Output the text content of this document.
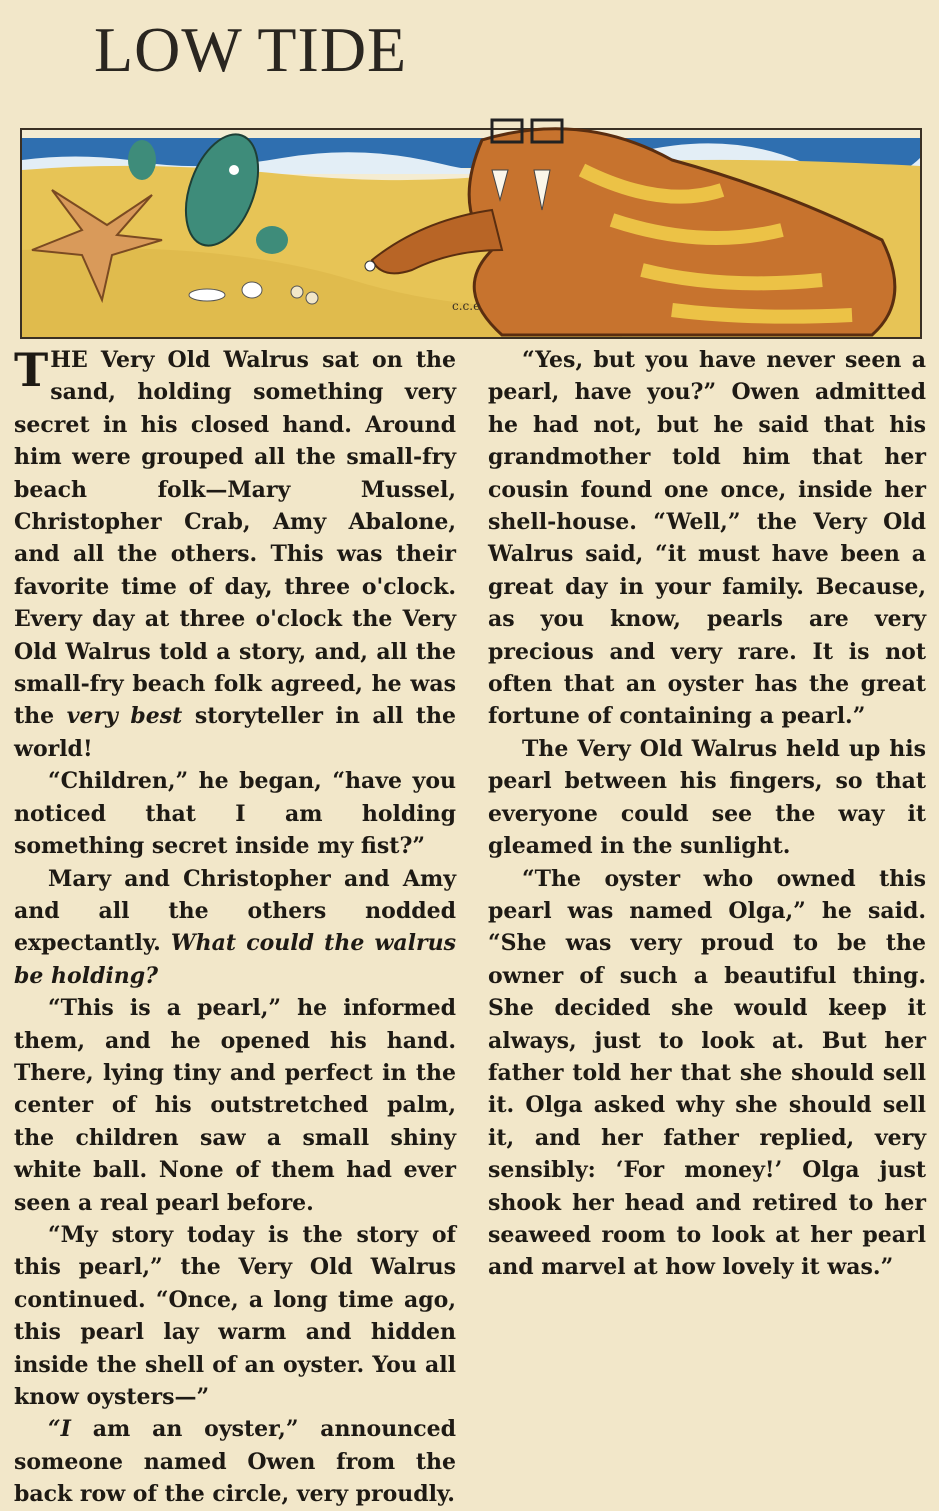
LOW TIDE
c.c.e

THE Very Old Walrus sat on the sand, holding something very secret in his closed hand. Around him were grouped all the small-fry beach folk—Mary Mussel, Christopher Crab, Amy Abalone, and all the others. This was their favorite time of day, three o'clock. Every day at three o'clock the Very Old Walrus told a story, and, all the small-fry beach folk agreed, he was the very best storyteller in all the world!

“Children,” he began, “have you noticed that I am holding something secret inside my fist?”

Mary and Christopher and Amy and all the others nodded expectantly. What could the walrus be holding?

“This is a pearl,” he informed them, and he opened his hand. There, lying tiny and perfect in the center of his outstretched palm, the children saw a small shiny white ball. None of them had ever seen a real pearl before.

“My story today is the story of this pearl,” the Very Old Walrus continued. “Once, a long time ago, this pearl lay warm and hidden inside the shell of an oyster. You all know oysters—”

“I am an oyster,” announced someone named Owen from the back row of the circle, very proudly.

“Yes, but you have never seen a pearl, have you?” Owen admitted he had not, but he said that his grandmother told him that her cousin found one once, inside her shell-house. “Well,” the Very Old Walrus said, “it must have been a great day in your family. Because, as you know, pearls are very precious and very rare. It is not often that an oyster has the great fortune of containing a pearl.”

The Very Old Walrus held up his pearl between his fingers, so that everyone could see the way it gleamed in the sunlight.

“The oyster who owned this pearl was named Olga,” he said. “She was very proud to be the owner of such a beautiful thing. She decided she would keep it always, just to look at. But her father told her that she should sell it. Olga asked why she should sell it, and her father replied, very sensibly: ‘For money!’ Olga just shook her head and retired to her seaweed room to look at her pearl and marvel at how lovely it was.”
